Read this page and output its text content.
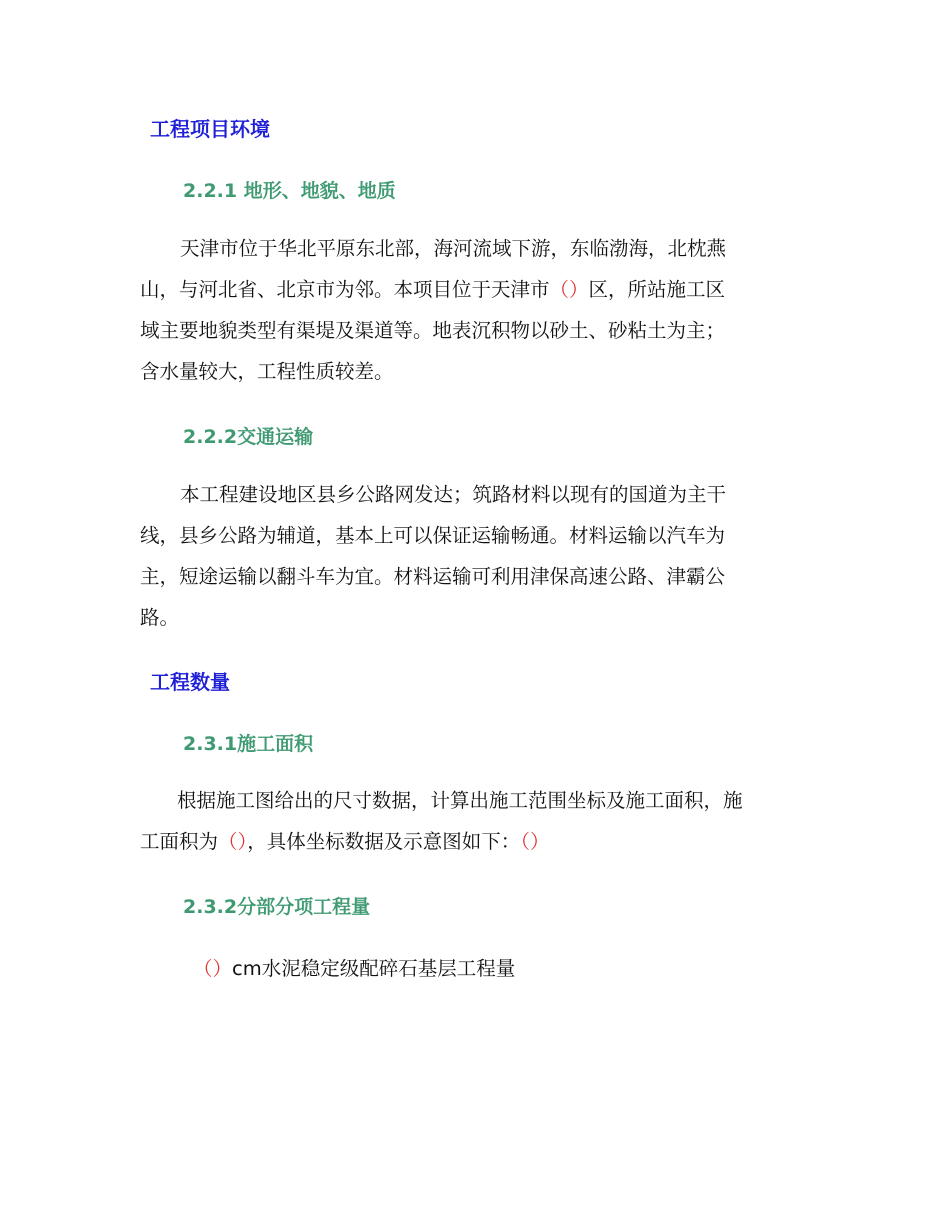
工程项目环境
2.2.1 地形、地貌、地质

天津市位于华北平原东北部，海河流域下游，东临渤海，北枕燕
山，与河北省、北京市为邻。本项目位于天津市（）区，所站施工区
域主要地貌类型有渠堤及渠道等。地表沉积物以砂土、砂粘土为主；
含水量较大，工程性质较差。

2.2.2交通运输

本工程建设地区县乡公路网发达；筑路材料以现有的国道为主干
线，县乡公路为辅道，基本上可以保证运输畅通。材料运输以汽车为
主，短途运输以翻斗车为宜。材料运输可利用津保高速公路、津霸公
路。

工程数量
2.3.1施工面积

根据施工图给出的尺寸数据，计算出施工范围坐标及施工面积，施
工面积为（），具体坐标数据及示意图如下：（）

2.3.2分部分项工程量

（）cm水泥稳定级配碎石基层工程量
